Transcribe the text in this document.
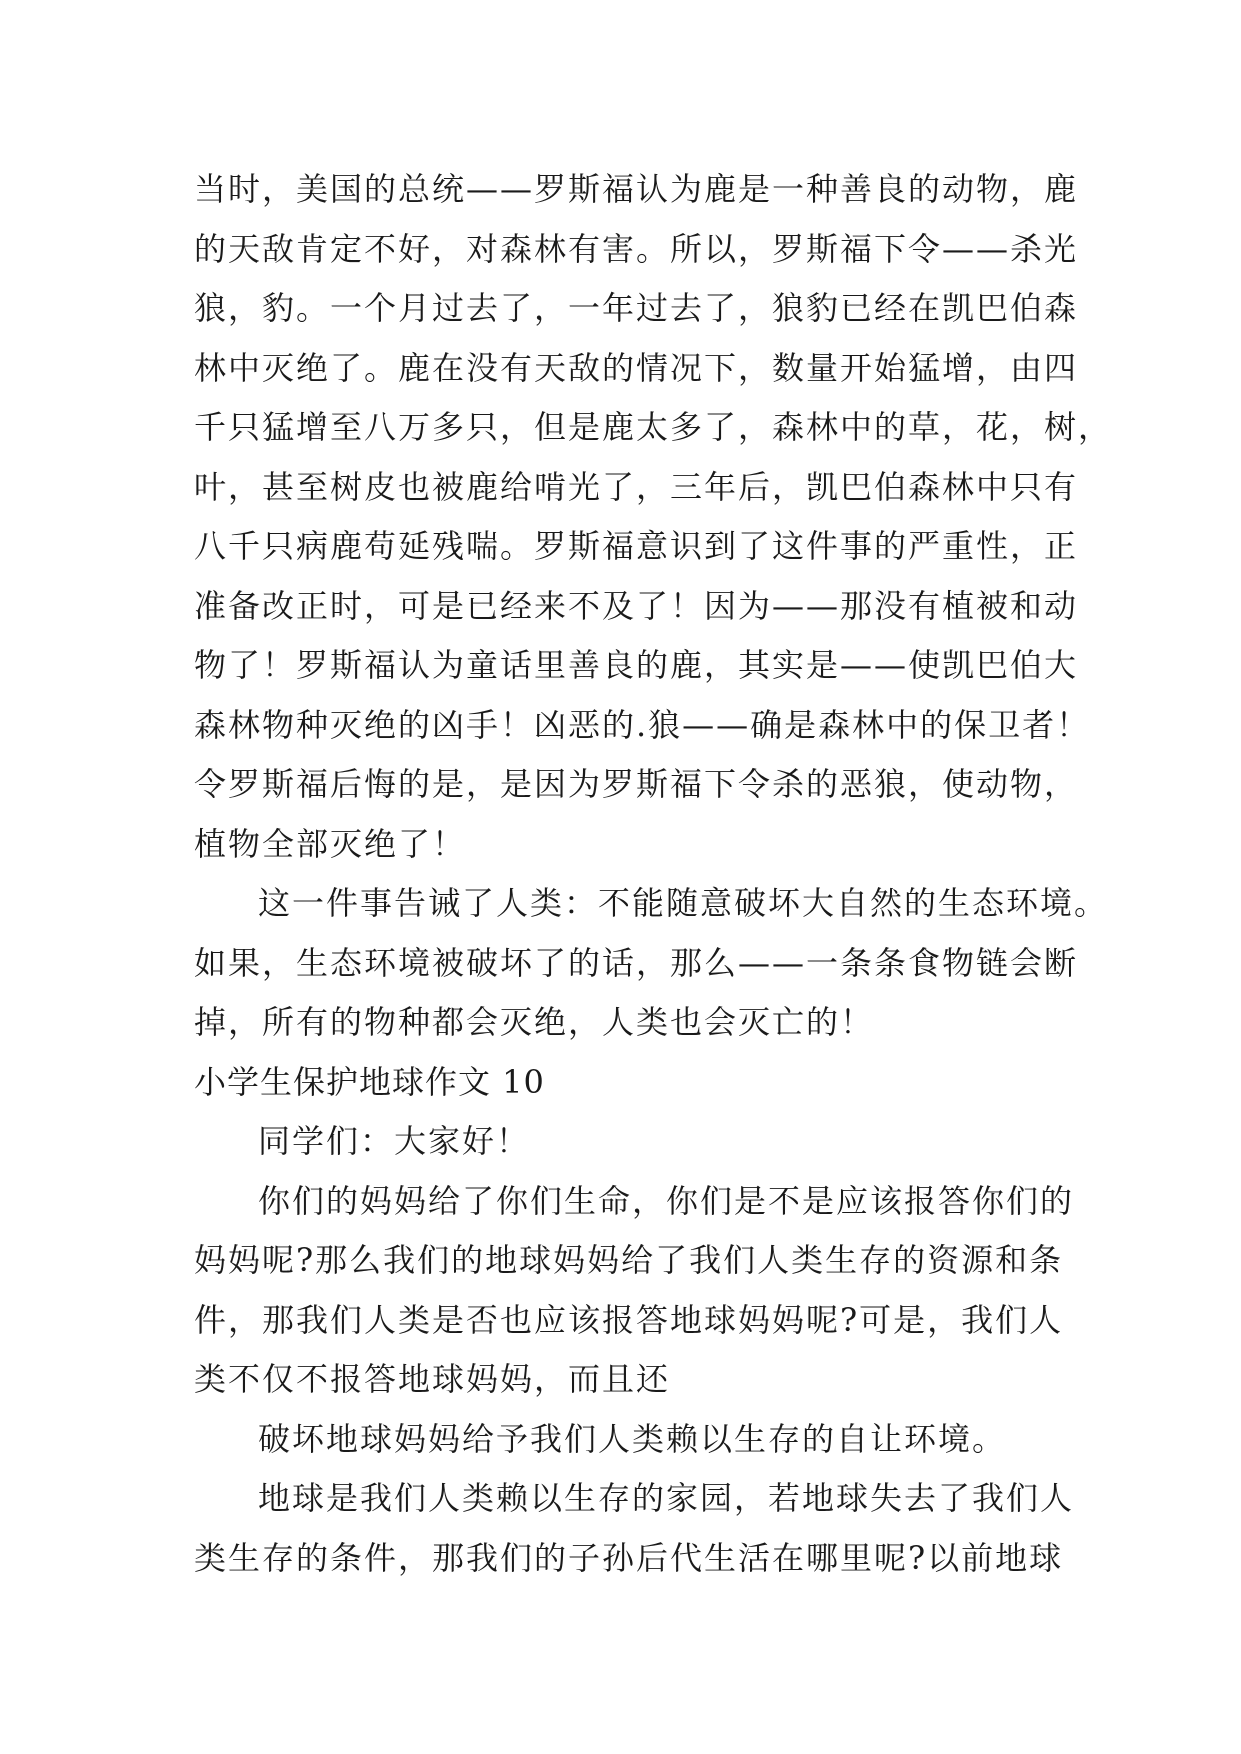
当时，美国的总统——罗斯福认为鹿是一种善良的动物，鹿
的天敌肯定不好，对森林有害。所以，罗斯福下令——杀光
狼，豹。一个月过去了，一年过去了，狼豹已经在凯巴伯森
林中灭绝了。鹿在没有天敌的情况下，数量开始猛增，由四
千只猛增至八万多只，但是鹿太多了，森林中的草，花，树，
叶，甚至树皮也被鹿给啃光了，三年后，凯巴伯森林中只有
八千只病鹿苟延残喘。罗斯福意识到了这件事的严重性，正
准备改正时，可是已经来不及了！因为——那没有植被和动
物了！罗斯福认为童话里善良的鹿，其实是——使凯巴伯大
森林物种灭绝的凶手！凶恶的.狼——确是森林中的保卫者！
令罗斯福后悔的是，是因为罗斯福下令杀的恶狼，使动物，
植物全部灭绝了！
这一件事告诫了人类：不能随意破坏大自然的生态环境。
如果，生态环境被破坏了的话，那么——一条条食物链会断
掉，所有的物种都会灭绝，人类也会灭亡的！
小学生保护地球作文 10
同学们：大家好！
你们的妈妈给了你们生命，你们是不是应该报答你们的
妈妈呢?那么我们的地球妈妈给了我们人类生存的资源和条
件，那我们人类是否也应该报答地球妈妈呢?可是，我们人
类不仅不报答地球妈妈，而且还
破坏地球妈妈给予我们人类赖以生存的自让环境。
地球是我们人类赖以生存的家园，若地球失去了我们人
类生存的条件，那我们的子孙后代生活在哪里呢?以前地球
